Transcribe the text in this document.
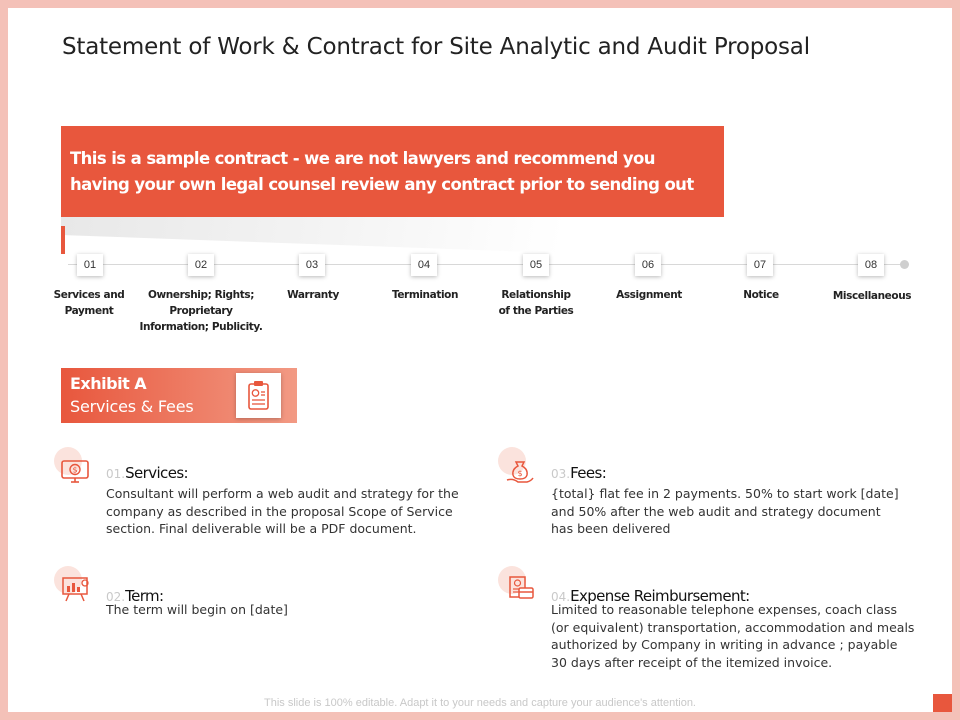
Statement of Work & Contract for Site Analytic and Audit Proposal
This is a sample contract - we are not lawyers and recommend you
having your own legal counsel review any contract prior to sending out
01
Services and
Payment
02
Ownership; Rights;
Proprietary
Information; Publicity.
03
Warranty
04
Termination
05
Relationship
of the Parties
06
Assignment
07
Notice
08
Miscellaneous
Exhibit A
Services & Fees
$ 01.Services:
Consultant will perform a web audit and strategy for the
company as described in the proposal Scope of Service
section. Final deliverable will be a PDF document.
$ 03.Fees:
{total} flat fee in 2 payments. 50% to start work [date]
and 50% after the web audit and strategy document
has been delivered
02.Term:
The term will begin on [date]
04.Expense Reimbursement:
Limited to reasonable telephone expenses, coach class
(or equivalent) transportation, accommodation and meals
authorized by Company in writing in advance ; payable
30 days after receipt of the itemized invoice.
This slide is 100% editable. Adapt it to your needs and capture your audience's attention.
